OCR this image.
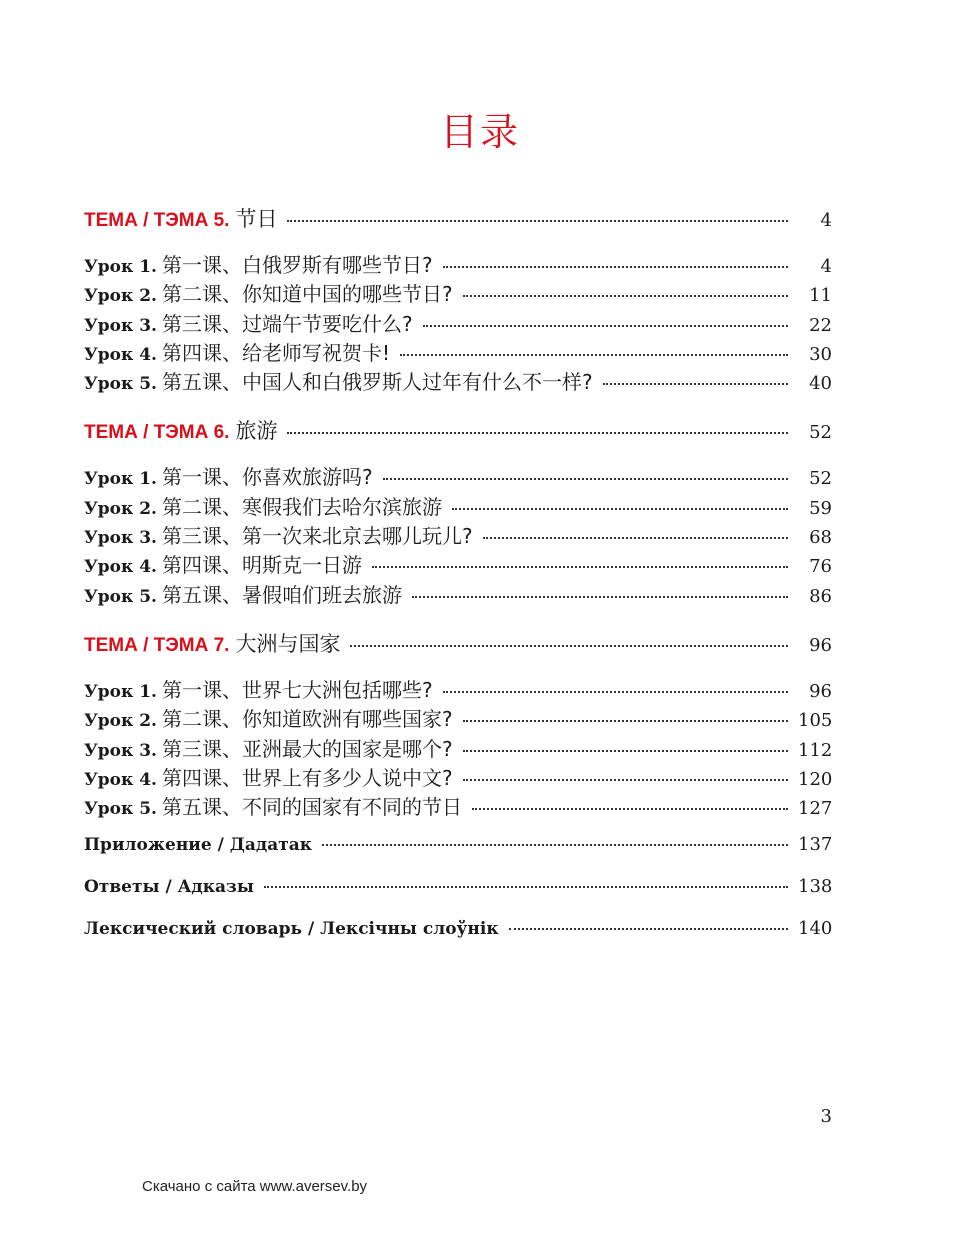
目录
ТЕМА / ТЭМА 5. 节日	4
Урок 1. 第一课、白俄罗斯有哪些节日?	4
Урок 2. 第二课、你知道中国的哪些节日?	11
Урок 3. 第三课、过端午节要吃什么?	22
Урок 4. 第四课、给老师写祝贺卡!	30
Урок 5. 第五课、中国人和白俄罗斯人过年有什么不一样?	40
ТЕМА / ТЭМА 6. 旅游	52
Урок 1. 第一课、你喜欢旅游吗?	52
Урок 2. 第二课、寒假我们去哈尔滨旅游	59
Урок 3. 第三课、第一次来北京去哪儿玩儿?	68
Урок 4. 第四课、明斯克一日游	76
Урок 5. 第五课、暑假咱们班去旅游	86
ТЕМА / ТЭМА 7. 大洲与国家	96
Урок 1. 第一课、世界七大洲包括哪些?	96
Урок 2. 第二课、你知道欧洲有哪些国家?	105
Урок 3. 第三课、亚洲最大的国家是哪个?	112
Урок 4. 第四课、世界上有多少人说中文?	120
Урок 5. 第五课、不同的国家有不同的节日	127
Приложение / Дадатак	137
Ответы / Адказы	138
Лексический словарь / Лексічны слоўнік	140
3
Скачано с сайта www.aversev.by
